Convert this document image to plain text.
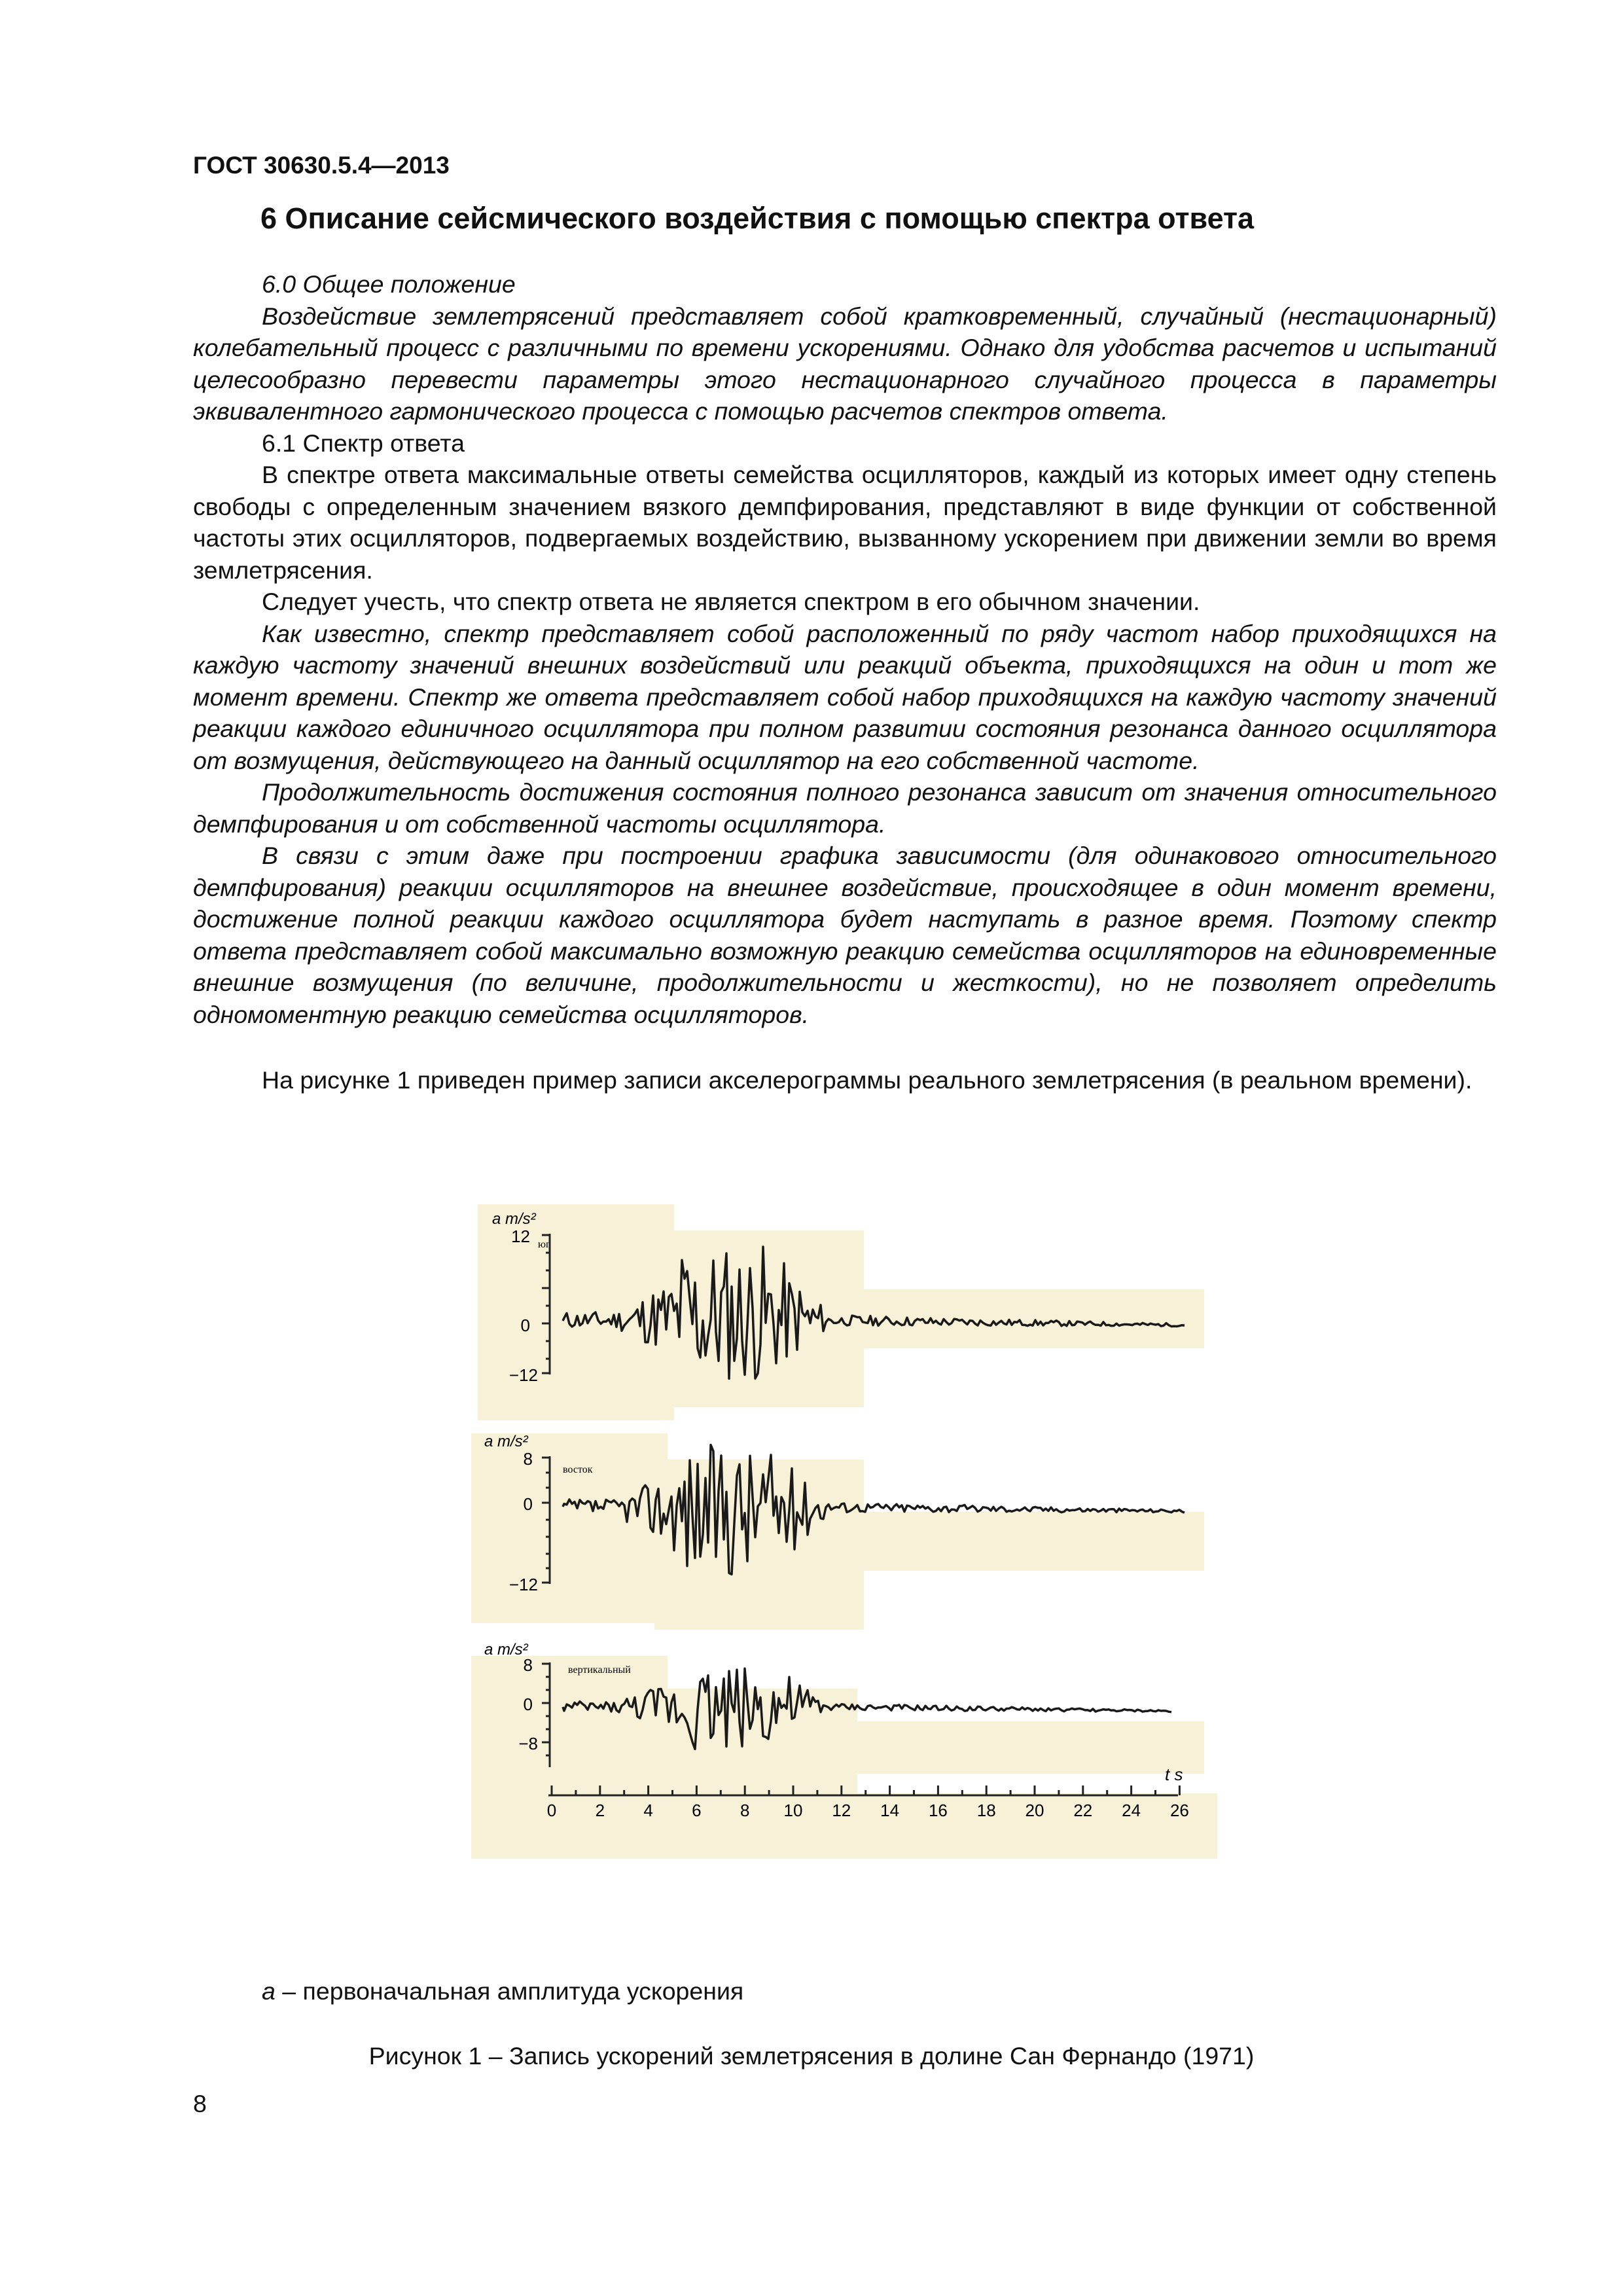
ГОСТ 30630.5.4—2013
6 Описание сейсмического воздействия с помощью спектра ответа

6.0 Общее положение

Воздействие землетрясений представляет собой кратковременный, случайный (нестационарный) колебательный процесс с различными по времени ускорениями. Однако для удобства расчетов и испытаний целесообразно перевести параметры этого нестационарного случайного процесса в параметры эквивалентного гармонического процесса с помощью расчетов спектров ответа.

6.1 Спектр ответа

В спектре ответа максимальные ответы семейства осцилляторов, каждый из которых имеет одну степень свободы с определенным значением вязкого демпфирования, представляют в виде функции от собственной частоты этих осцилляторов, подвергаемых воздействию, вызванному ускорением при движении земли во время землетрясения.

Следует учесть, что спектр ответа не является спектром в его обычном значении.

Как известно, спектр представляет собой расположенный по ряду частот набор приходящихся на каждую частоту значений внешних воздействий или реакций объекта, приходящихся на один и тот же момент времени. Спектр же ответа представляет собой набор приходящихся на каждую частоту значений реакции каждого единичного осциллятора при полном развитии состояния резонанса данного осциллятора от возмущения, действующего на данный осциллятор на его собственной частоте.

Продолжительность достижения состояния полного резонанса зависит от значения относительного демпфирования и от собственной частоты осциллятора.

В связи с этим даже при построении графика зависимости (для одинакового относительного демпфирования) реакции осцилляторов на внешнее воздействие, происходящее в один момент времени, достижение полной реакции каждого осциллятора будет наступать в разное время. Поэтому спектр ответа представляет собой максимально возможную реакцию семейства осцилляторов на единовременные внешние возмущения (по величине, продолжительности и жесткости), но не позволяет определить одномоментную реакцию семейства осцилляторов.

На рисунке 1 приведен пример записи акселерограммы реального землетрясения (в реальном времени).

a m/s²
юг
12
0
−12
a m/s²
восток
8
0
−12
a m/s²
вертикальный
8
0
−8
t s
0 2 4 6 8 10 12 14 16 18 20 22 24 26
a – первоначальная амплитуда ускорения
Рисунок 1 – Запись ускорений землетрясения в долине Сан Фернандо (1971)
8
